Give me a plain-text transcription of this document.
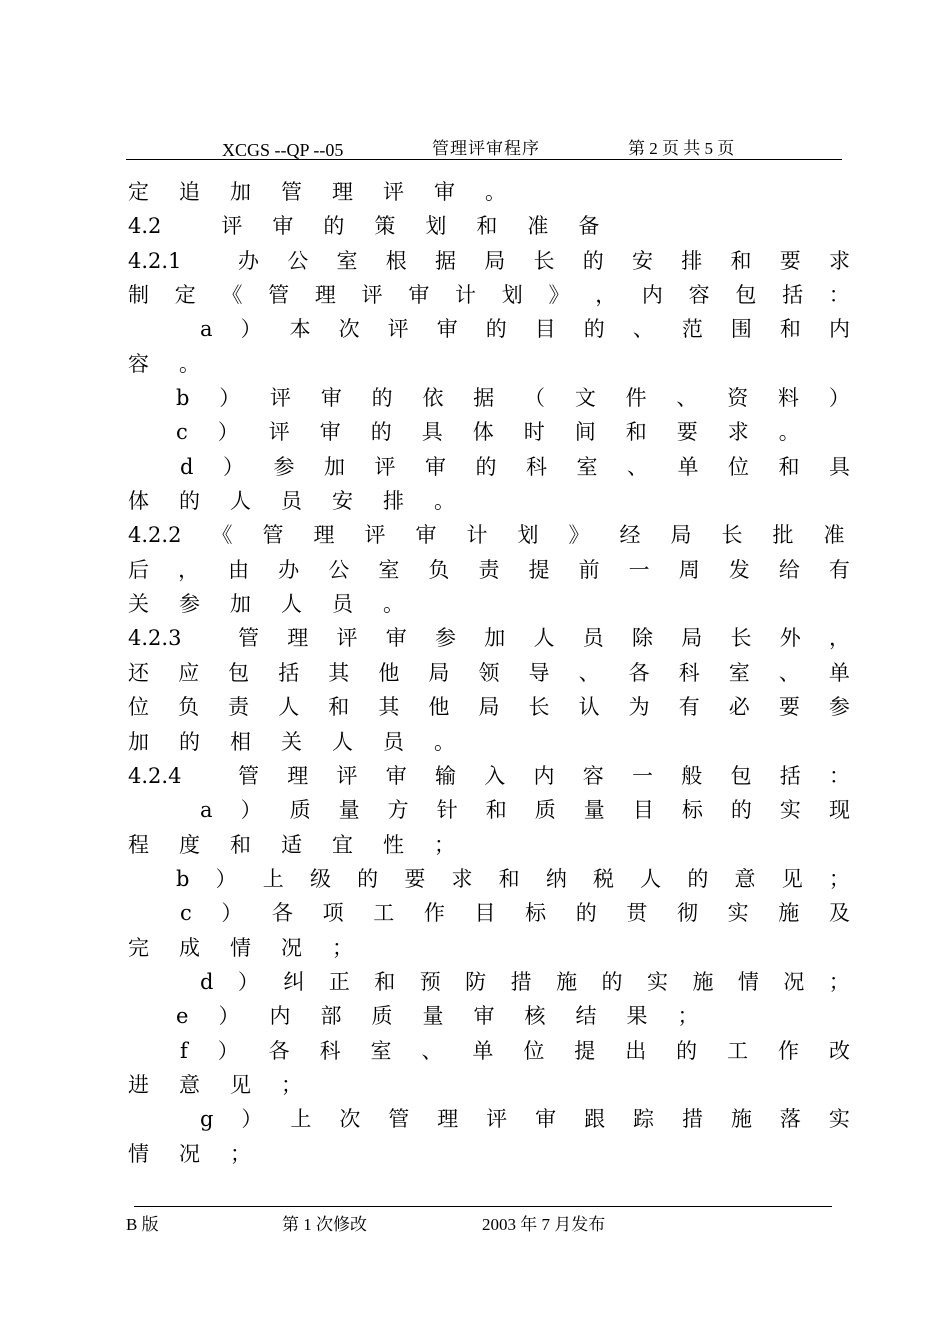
XCGS --QP --05	管理评审程序	第 2 页 共 5 页
定 追 加 管 理 评 审 。
4.2	评 审 的 策 划 和 准 备
4.2.1	办 公 室 根 据 局 长 的 安 排 和 要 求
制 定 《 管 理 评 审 计 划 》 ， 内 容 包 括 ：
a ） 本 次 评 审 的 目 的 、 范 围 和 内
容 。
b ） 评 审 的 依 据 （ 文 件 、 资 料 ）
c ） 评 审 的 具 体 时 间 和 要 求 。
d ） 参 加 评 审 的 科 室 、 单 位 和 具
体 的 人 员 安 排 。
4.2.2 《 管 理 评 审 计 划 》 经 局 长 批 准
后 ， 由 办 公 室 负 责 提 前 一 周 发 给 有
关 参 加 人 员 。
4.2.3	管 理 评 审 参 加 人 员 除 局 长 外 ，
还 应 包 括 其 他 局 领 导 、 各 科 室 、 单
位 负 责 人 和 其 他 局 长 认 为 有 必 要 参
加 的 相 关 人 员 。
4.2.4	管 理 评 审 输 入 内 容 一 般 包 括 ：
a ） 质 量 方 针 和 质 量 目 标 的 实 现
程 度 和 适 宜 性 ；
b ） 上 级 的 要 求 和 纳 税 人 的 意 见 ；
c ） 各 项 工 作 目 标 的 贯 彻 实 施 及
完 成 情 况 ；
d ） 纠 正 和 预 防 措 施 的 实 施 情 况 ；
e ） 内 部 质 量 审 核 结 果 ；
f ） 各 科 室 、 单 位 提 出 的 工 作 改
进 意 见 ；
g ） 上 次 管 理 评 审 跟 踪 措 施 落 实
情 况 ；
B 版	第 1 次修改	2003 年 7 月发布
